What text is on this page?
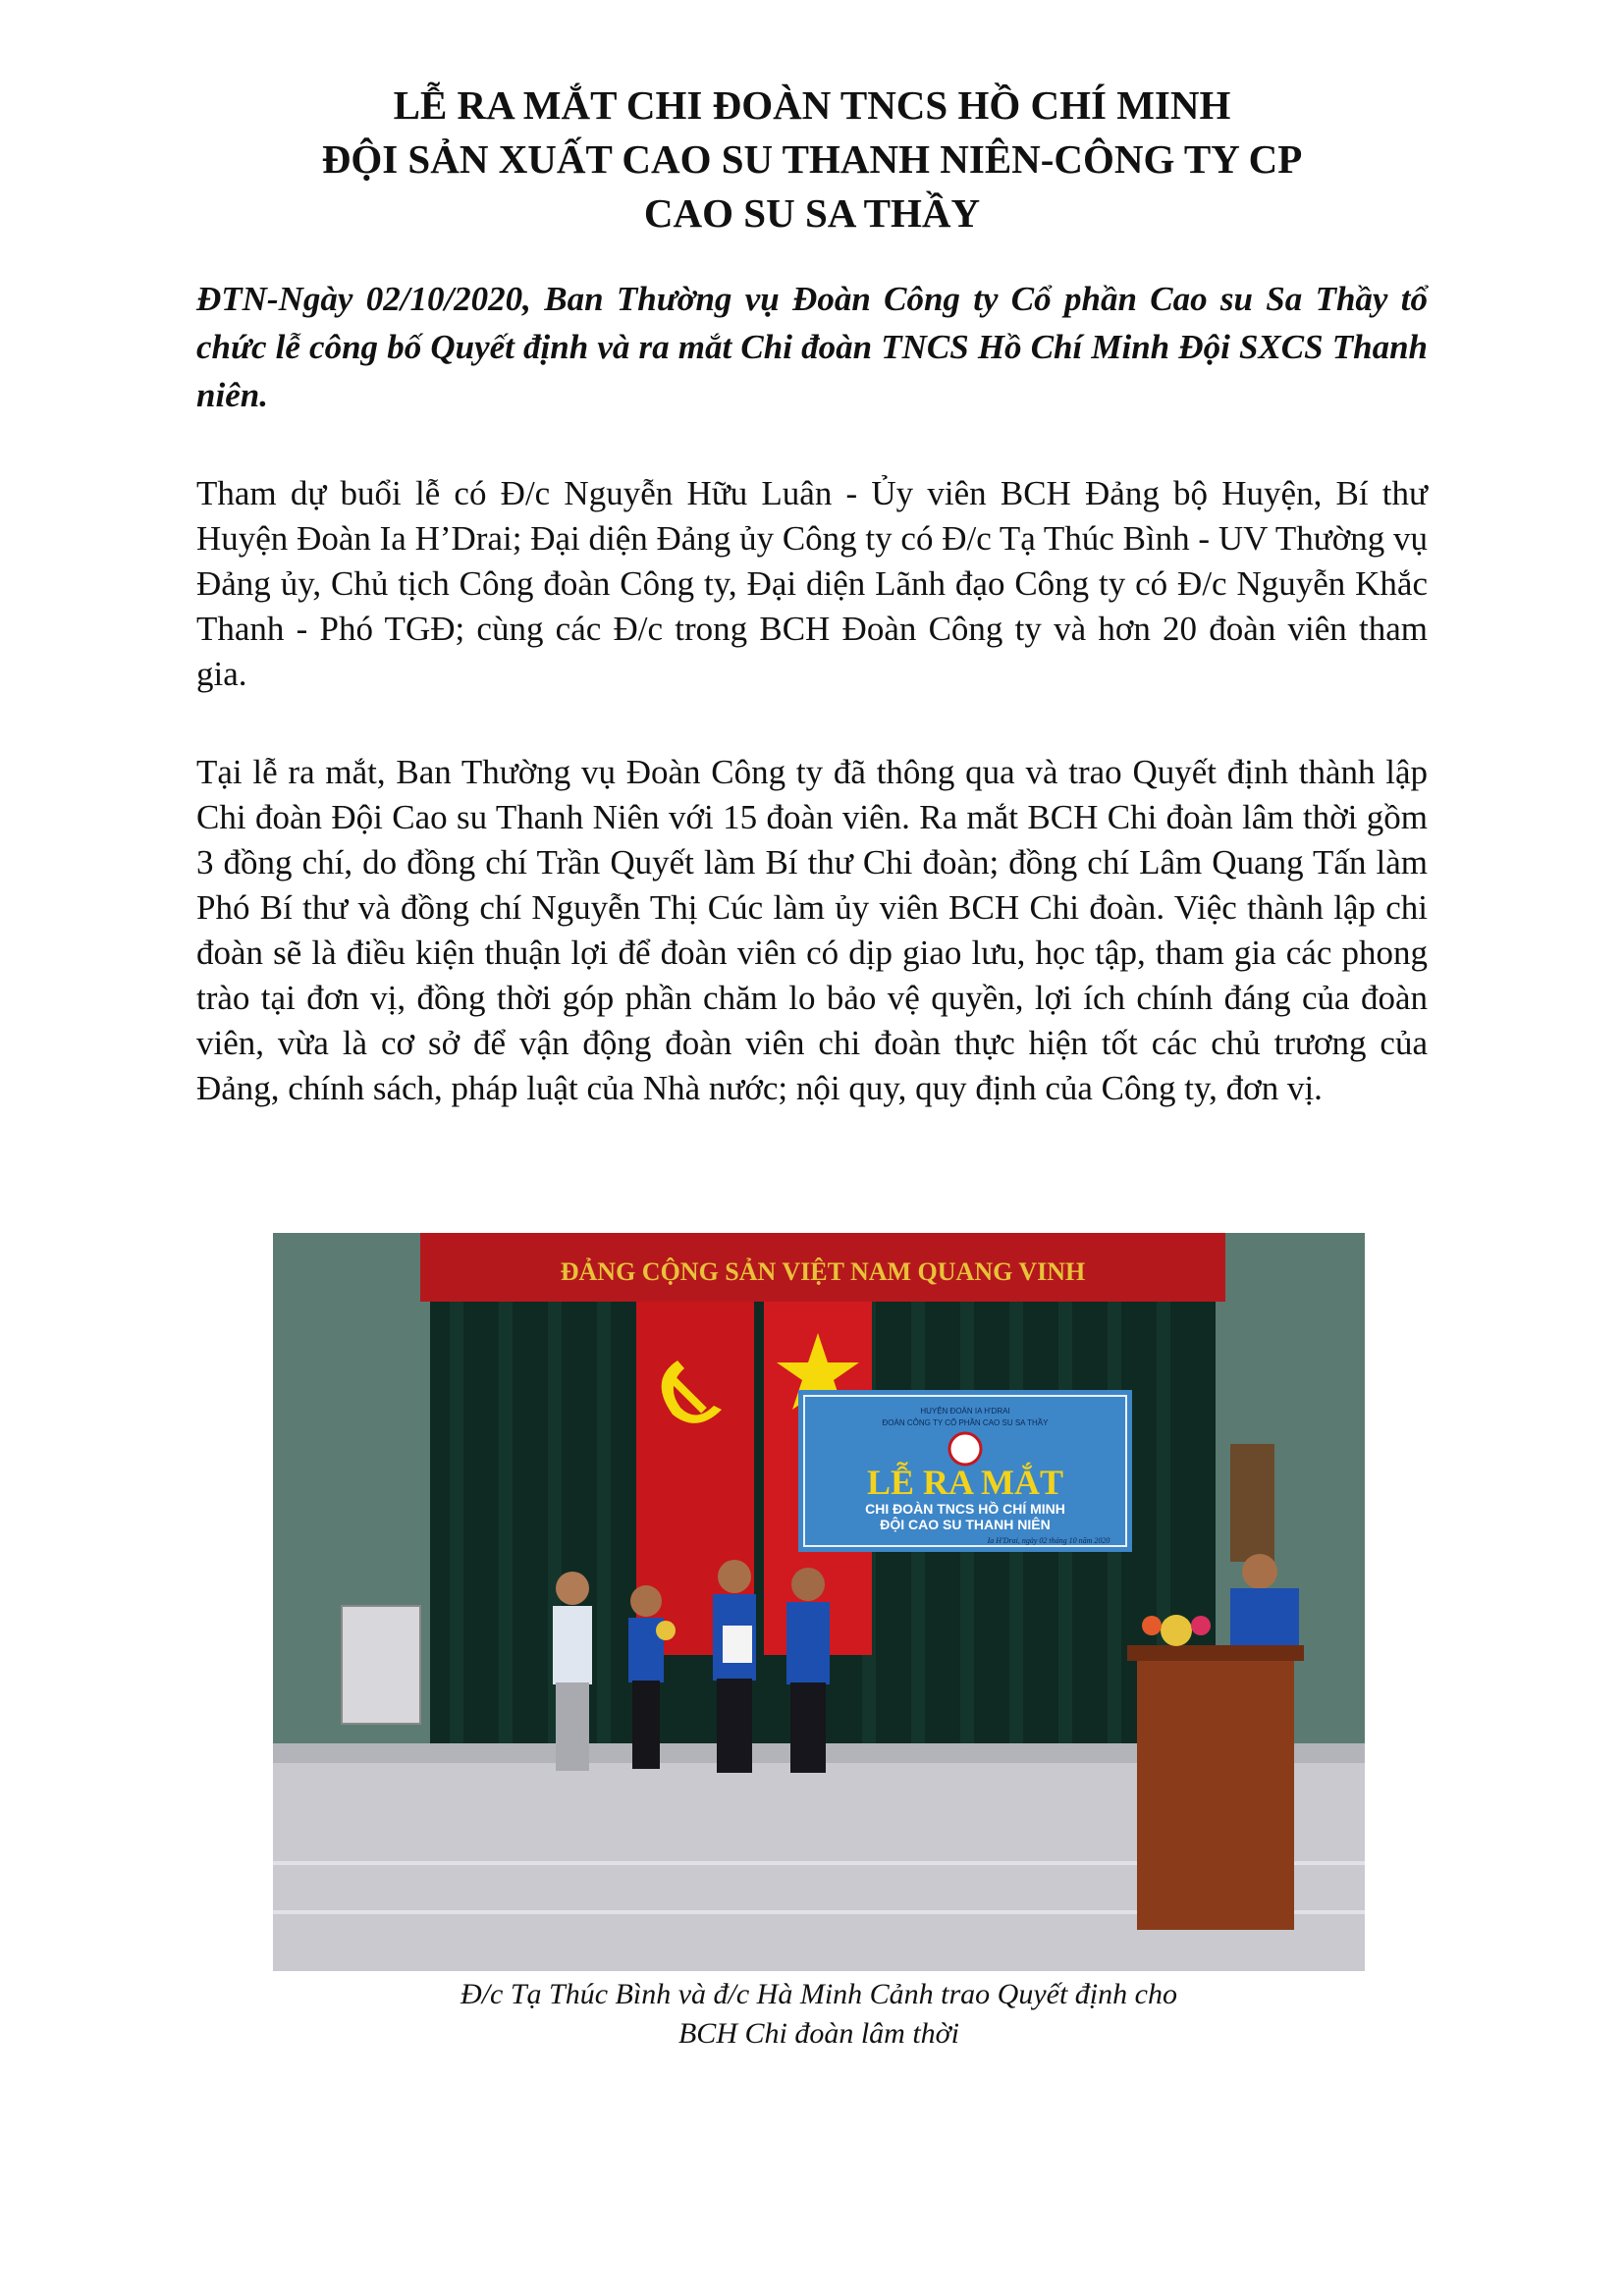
LỄ RA MẮT CHI ĐOÀN TNCS HỒ CHÍ MINH
ĐỘI SẢN XUẤT CAO SU THANH NIÊN-CÔNG TY CP
CAO SU SA THẦY

ĐTN-Ngày 02/10/2020, Ban Thường vụ Đoàn Công ty Cổ phần Cao su Sa Thầy tổ chức lễ công bố Quyết định và ra mắt Chi đoàn TNCS Hồ Chí Minh Đội SXCS Thanh niên.

Tham dự buổi lễ có Đ/c Nguyễn Hữu Luân - Ủy viên BCH Đảng bộ Huyện, Bí thư Huyện Đoàn Ia H’Drai; Đại diện Đảng ủy Công ty có Đ/c Tạ Thúc Bình - UV Thường vụ Đảng ủy, Chủ tịch Công đoàn Công ty, Đại diện Lãnh đạo Công ty có Đ/c Nguyễn Khắc Thanh - Phó TGĐ; cùng các Đ/c trong BCH Đoàn Công ty và hơn 20 đoàn viên tham gia.

Tại lễ ra mắt, Ban Thường vụ Đoàn Công ty đã thông qua và trao Quyết định thành lập Chi đoàn Đội Cao su Thanh Niên với 15 đoàn viên. Ra mắt BCH Chi đoàn lâm thời gồm 3 đồng chí, do đồng chí Trần Quyết làm Bí thư Chi đoàn; đồng chí Lâm Quang Tấn làm Phó Bí thư và đồng chí Nguyễn Thị Cúc làm ủy viên BCH Chi đoàn. Việc thành lập chi đoàn sẽ là điều kiện thuận lợi để đoàn viên có dịp giao lưu, học tập, tham gia các phong trào tại đơn vị, đồng thời góp phần chăm lo bảo vệ quyền, lợi ích chính đáng của đoàn viên, vừa là cơ sở để vận động đoàn viên chi đoàn thực hiện tốt các chủ trương của Đảng, chính sách, pháp luật của Nhà nước; nội quy, quy định của Công ty, đơn vị.

ĐẢNG CỘNG SẢN VIỆT NAM QUANG VINH
HUYỆN ĐOÀN IA H'DRAI
ĐOÀN CÔNG TY CỔ PHẦN CAO SU SA THẦY
LỄ RA MẮT
CHI ĐOÀN TNCS HỒ CHÍ MINH
ĐỘI CAO SU THANH NIÊN
Ia H'Drai, ngày 02 tháng 10 năm 2020
Đ/c Tạ Thúc Bình và đ/c Hà Minh Cảnh trao Quyết định cho
BCH Chi đoàn lâm thời
